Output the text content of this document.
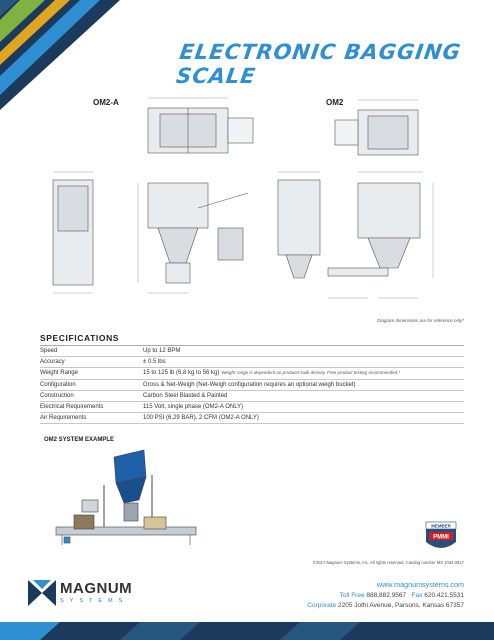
ELECTRONIC BAGGING SCALE
OM2-A	OM2
Diagram dimensions are for reference only*
SPECIFICATIONS
Speed	Up to 12 BPM
Accuracy	± 0.5 lbs
Weight Range	15 to 125 lb (6.8 kg to 56 kg) Weight range is dependent on products bulk density. Free product testing recommended.*
Configuration	Gross & Net-Weigh (Net-Weigh configuration requires an optional weigh bucket)
Construction	Carbon Steel Blasted & Painted
Electrical Requirements	115 Volt, single phase (OM2-A ONLY)
Air Requirements	100 PSI (6.29 BAR), 2 CFM (OM2-A ONLY)
OM2 SYSTEM EXAMPLE
MEMBER
PMMI
©2017 Magnum Systems, Inc. All rights reserved. Catalog number MS 1034 0817
MAGNUM
SYSTEMS
www.magnumsystems.com
Toll Free 888.882.9567 Fax 620.421.5531
Corporate 2205 Jothi Avenue, Parsons, Kansas 67357
